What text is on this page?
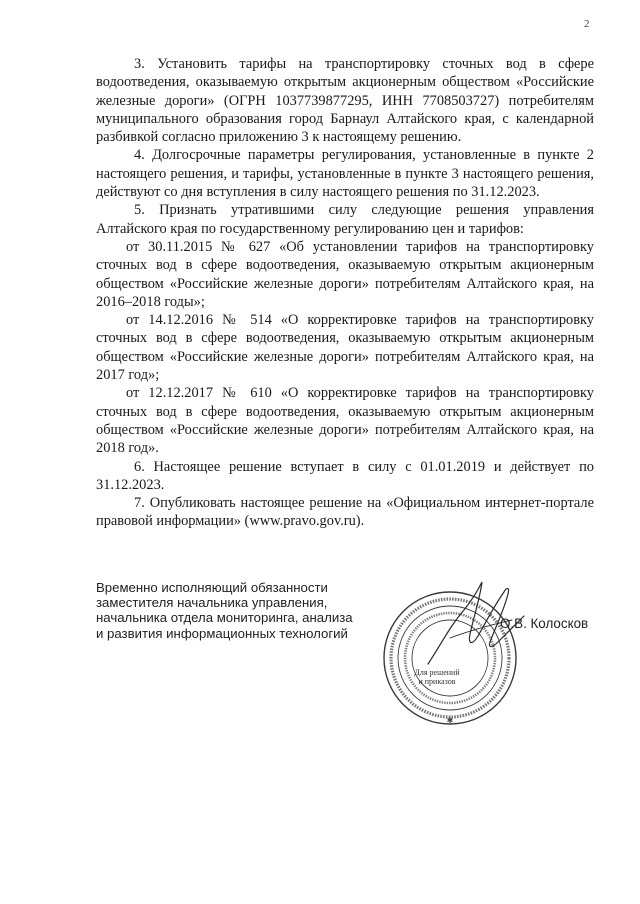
2

3. Установить тарифы на транспортировку сточных вод в сфере водоотведения, оказываемую открытым акционерным обществом «Российские железные дороги» (ОГРН 1037739877295, ИНН 7708503727) потребителям муниципального образования город Барнаул Алтайского края, с календарной разбивкой согласно приложению 3 к настоящему решению.

4. Долгосрочные параметры регулирования, установленные в пункте 2 настоящего решения, и тарифы, установленные в пункте 3 настоящего решения, действуют со дня вступления в силу настоящего решения по 31.12.2023.

5. Признать утратившими силу следующие решения управления Алтайского края по государственному регулированию цен и тарифов:

от 30.11.2015 № 627 «Об установлении тарифов на транспортировку сточных вод в сфере водоотведения, оказываемую открытым акционерным обществом «Российские железные дороги» потребителям Алтайского края, на 2016–2018 годы»;

от 14.12.2016 № 514 «О корректировке тарифов на транспортировку сточных вод в сфере водоотведения, оказываемую открытым акционерным обществом «Российские железные дороги» потребителям Алтайского края, на 2017 год»;

от 12.12.2017 № 610 «О корректировке тарифов на транспортировку сточных вод в сфере водоотведения, оказываемую открытым акционерным обществом «Российские железные дороги» потребителям Алтайского края, на 2018 год».

6. Настоящее решение вступает в силу с 01.01.2019 и действует по 31.12.2023.

7. Опубликовать настоящее решение на «Официальном интернет-портале правовой информации» (www.pravo.gov.ru).

Временно исполняющий обязанности
заместителя начальника управления,
начальника отдела мониторинга, анализа
и развития информационных технологий
✱
Для решений
и приказов
О.В. Колосков
